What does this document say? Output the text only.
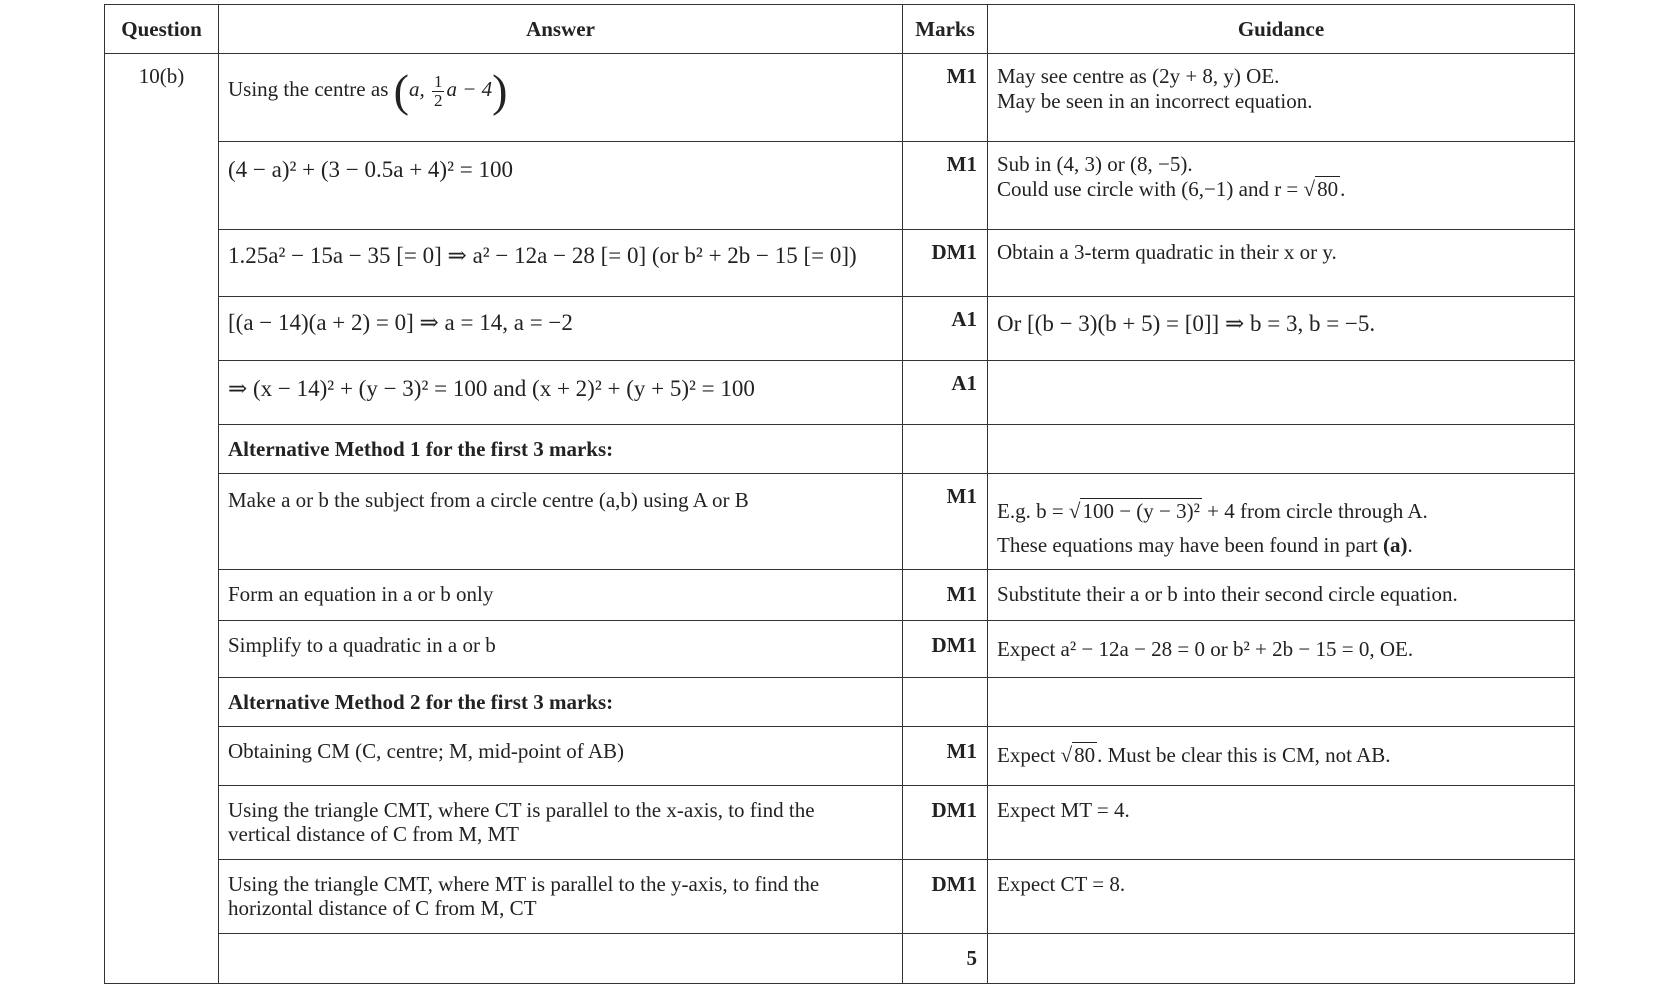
Question	Answer	Marks	Guidance
10(b)	Using the centre as (a, $\frac{1}{2}$ a − 4)	M1	May see centre as (2y + 8, y) OE.
May be seen in an incorrect equation.

	(4 − a)² + (3 − 0.5a + 4)² = 100	M1	Sub in (4, 3) or (8, −5).
Could use circle with (6,−1) and r = √80.

	1.25a² − 15a − 35 [= 0] ⇒ a² − 12a − 28 [= 0] (or b² + 2b − 15 [= 0])	DM1	Obtain a 3-term quadratic in their x or y.
	[(a − 14)(a + 2) = 0] ⇒ a = 14, a = −2	A1	Or [(b − 3)(b + 5) = [0]] ⇒ b = 3, b = −5.
	⇒ (x − 14)² + (y − 3)² = 100 and (x + 2)² + (y + 5)² = 100	A1	
	Alternative Method 1 for the first 3 marks:		
	Make a or b the subject from a circle centre (a,b) using A or B	M1	E.g. b = √100 − (y − 3)² + 4 from circle through A.
These equations may have been found in part (a).

	Form an equation in a or b only	M1	Substitute their a or b into their second circle equation.
	Simplify to a quadratic in a or b	DM1	Expect a² − 12a − 28 = 0 or b² + 2b − 15 = 0, OE.
	Alternative Method 2 for the first 3 marks:		
	Obtaining CM (C, centre; M, mid-point of AB)	M1	Expect √80. Must be clear this is CM, not AB.

	Using the triangle CMT, where CT is parallel to the x-axis, to find the
vertical distance of C from M, MT	DM1	Expect MT = 4.

	Using the triangle CMT, where MT is parallel to the y-axis, to find the
horizontal distance of C from M, CT	DM1	Expect CT = 8.
		5	
